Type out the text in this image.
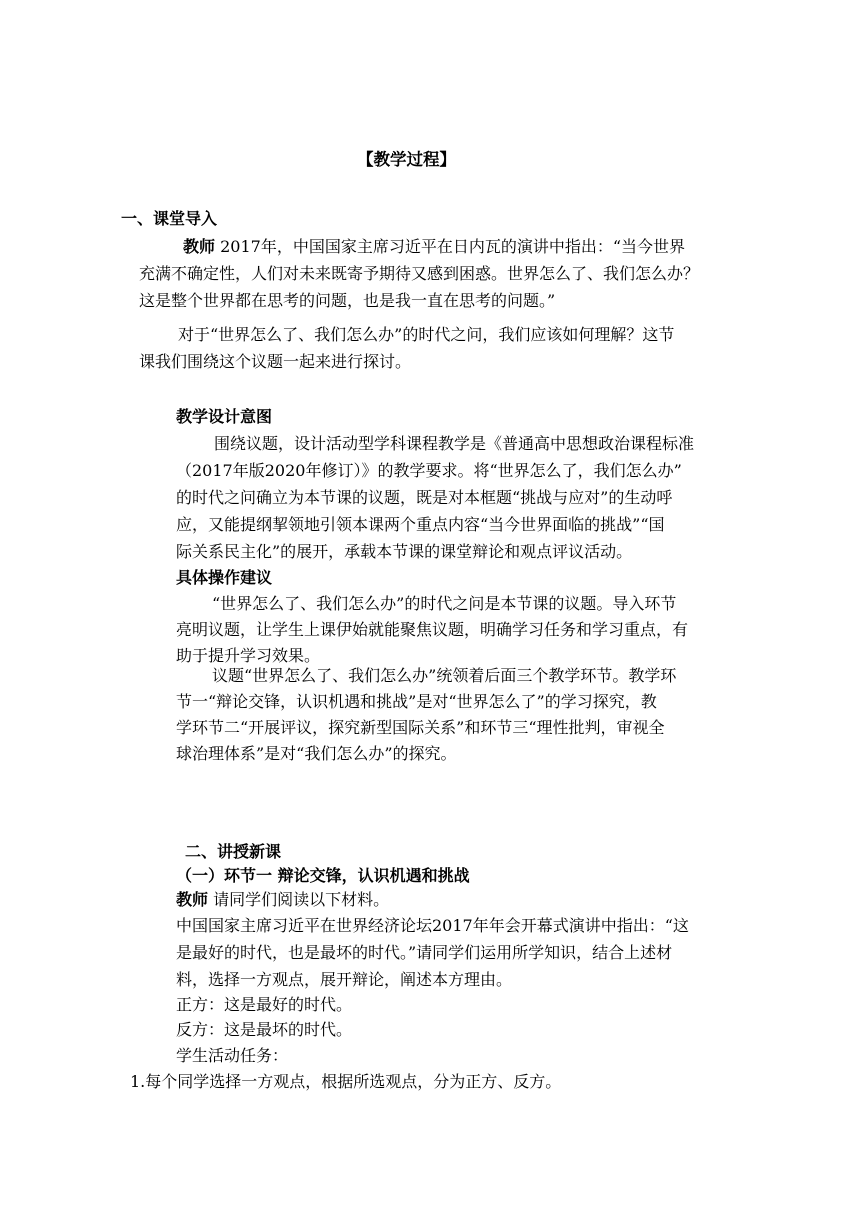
【教学过程】
一、课堂导入
教师 2017年，中国国家主席习近平在日内瓦的演讲中指出：“当今世界
充满不确定性，人们对未来既寄予期待又感到困惑。世界怎么了、我们怎么办？
这是整个世界都在思考的问题，也是我一直在思考的问题。”
对于“世界怎么了、我们怎么办”的时代之问，我们应该如何理解？这节
课我们围绕这个议题一起来进行探讨。
教学设计意图
围绕议题，设计活动型学科课程教学是《普通高中思想政治课程标准
（2017年版2020年修订）》的教学要求。将“世界怎么了，我们怎么办”
的时代之问确立为本节课的议题，既是对本框题“挑战与应对”的生动呼
应，又能提纲挈领地引领本课两个重点内容“当今世界面临的挑战”“国
际关系民主化”的展开，承载本节课的课堂辩论和观点评议活动。
具体操作建议
“世界怎么了、我们怎么办”的时代之问是本节课的议题。导入环节
亮明议题，让学生上课伊始就能聚焦议题，明确学习任务和学习重点，有
助于提升学习效果。
议题“世界怎么了、我们怎么办”统领着后面三个教学环节。教学环
节一“辩论交锋，认识机遇和挑战”是对“世界怎么了”的学习探究，教
学环节二“开展评议，探究新型国际关系”和环节三“理性批判，审视全
球治理体系”是对“我们怎么办”的探究。
二、讲授新课
（一）环节一 辩论交锋，认识机遇和挑战
教师 请同学们阅读以下材料。
中国国家主席习近平在世界经济论坛2017年年会开幕式演讲中指出：“这
是最好的时代，也是最坏的时代。”请同学们运用所学知识，结合上述材
料，选择一方观点，展开辩论，阐述本方理由。
正方：这是最好的时代。
反方：这是最坏的时代。
学生活动任务：
1.每个同学选择一方观点，根据所选观点，分为正方、反方。
